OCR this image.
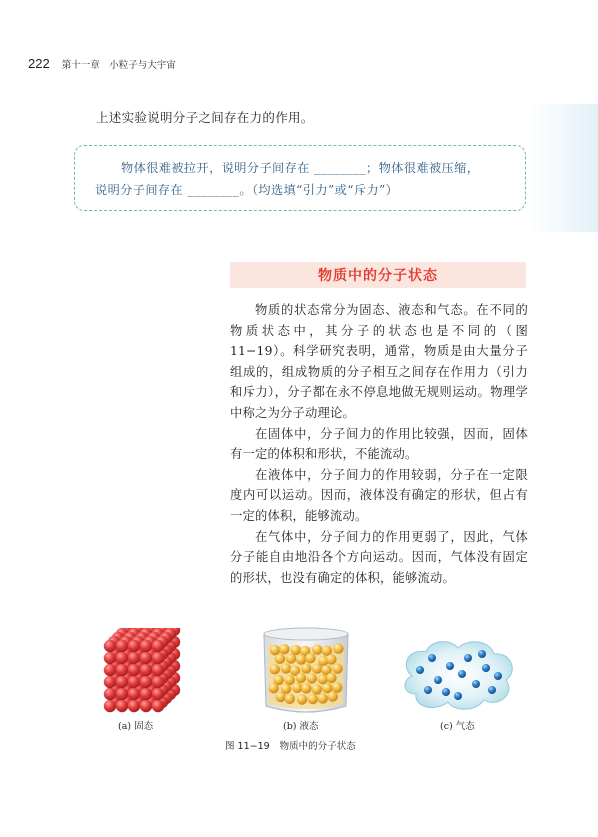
222 第十一章　小粒子与大宇宙
上述实验说明分子之间存在力的作用。

物体很难被拉开，说明分子间存在 ________；物体很难被压缩，

说明分子间存在 ________。（均选填“引力”或“斥力”）

物质中的分子状态

物质的状态常分为固态、液态和气态。在不同的物质状态中，其分子的状态也是不同的（图11−19）。科学研究表明，通常，物质是由大量分子组成的，组成物质的分子相互之间存在作用力（引力和斥力），分子都在永不停息地做无规则运动。物理学中称之为分子动理论。

在固体中，分子间力的作用比较强，因而，固体有一定的体积和形状，不能流动。

在液体中，分子间力的作用较弱，分子在一定限度内可以运动。因而，液体没有确定的形状，但占有一定的体积，能够流动。

在气体中，分子间力的作用更弱了，因此，气体分子能自由地沿各个方向运动。因而，气体没有固定的形状，也没有确定的体积，能够流动。

(a) 固态	(b) 液态	(c) 气态
图 11−19 物质中的分子状态
